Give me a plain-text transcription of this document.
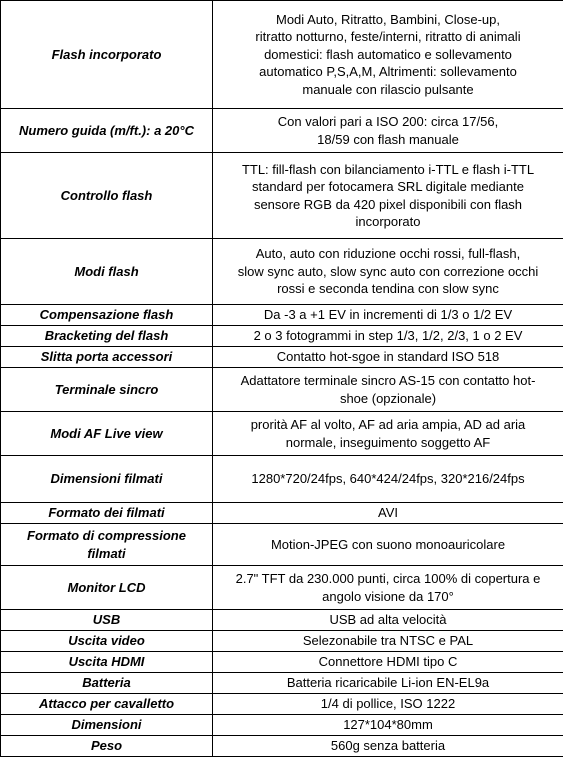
Flash incorporato	Modi Auto, Ritratto, Bambini, Close-up,
ritratto notturno, feste/interni, ritratto di animali
domestici: flash automatico e sollevamento
automatico P,S,A,M, Altrimenti: sollevamento
manuale con rilascio pulsante
Numero guida (m/ft.): a 20°C	Con valori pari a ISO 200: circa 17/56,
18/59 con flash manuale
Controllo flash	TTL: fill-flash con bilanciamento i-TTL e flash i-TTL
standard per fotocamera SRL digitale mediante
sensore RGB da 420 pixel disponibili con flash
incorporato
Modi flash	Auto, auto con riduzione occhi rossi, full-flash,
slow sync auto, slow sync auto con correzione occhi
rossi e seconda tendina con slow sync
Compensazione flash	Da -3 a +1 EV in incrementi di 1/3 o 1/2 EV
Bracketing del flash	2 o 3 fotogrammi in step 1/3, 1/2, 2/3, 1 o 2 EV
Slitta porta accessori	Contatto hot-sgoe in standard ISO 518
Terminale sincro	Adattatore terminale sincro AS-15 con contatto hot-
shoe (opzionale)
Modi AF Live view	prorità AF al volto, AF ad aria ampia, AD ad aria
normale, inseguimento soggetto AF
Dimensioni filmati	1280*720/24fps, 640*424/24fps, 320*216/24fps
Formato dei filmati	AVI
Formato di compressione
filmati	Motion-JPEG con suono monoauricolare
Monitor LCD	2.7" TFT da 230.000 punti, circa 100% di copertura e
angolo visione da 170°
USB	USB ad alta velocità
Uscita video	Selezonabile tra NTSC e PAL
Uscita HDMI	Connettore HDMI tipo C
Batteria	Batteria ricaricabile Li-ion EN-EL9a
Attacco per cavalletto	1/4 di pollice, ISO 1222
Dimensioni	127*104*80mm
Peso	560g senza batteria
